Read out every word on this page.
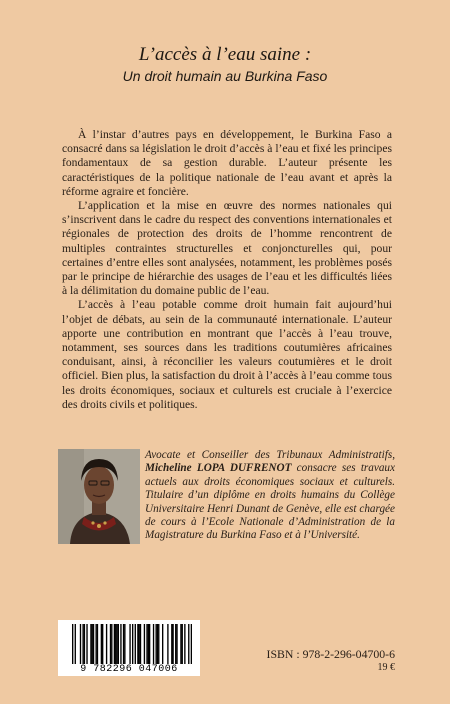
L’accès à l’eau saine :
Un droit humain au Burkina Faso

À l’instar d’autres pays en développement, le Burkina Faso a consacré dans sa législation le droit d’accès à l’eau et fixé les principes fondamentaux de sa gestion durable. L’auteur présente les caractéristiques de la politique nationale de l’eau avant et après la réforme agraire et foncière.

L’application et la mise en œuvre des normes nationales qui s’inscrivent dans le cadre du respect des conventions internationales et régionales de protection des droits de l’homme rencontrent de multiples contraintes structurelles et conjoncturelles qui, pour certaines d’entre elles sont analysées, notamment, les problèmes posés par le principe de hiérarchie des usages de l’eau et les difficultés liées à la délimitation du domaine public de l’eau.

L’accès à l’eau potable comme droit humain fait aujourd’hui l’objet de débats, au sein de la communauté internationale. L’auteur apporte une contribution en montrant que l’accès à l’eau trouve, notamment, ses sources dans les traditions coutumières africaines conduisant, ainsi, à réconcilier les valeurs coutumières et le droit officiel. Bien plus, la satisfaction du droit à l’accès à l’eau comme tous les droits économiques, sociaux et culturels est cruciale à l’exercice des droits civils et politiques.

Avocate et Conseiller des Tribunaux Administratifs, Micheline LOPA DUFRENOT consacre ses travaux actuels aux droits économiques sociaux et culturels. Titulaire d’un diplôme en droits humains du Collège Universitaire Henri Dunant de Genève, elle est chargée de cours à l’Ecole Nationale d’Administration de la Magistrature du Burkina Faso et à l’Université.
9 782296 047006
ISBN : 978-2-296-04700-6
19 €
